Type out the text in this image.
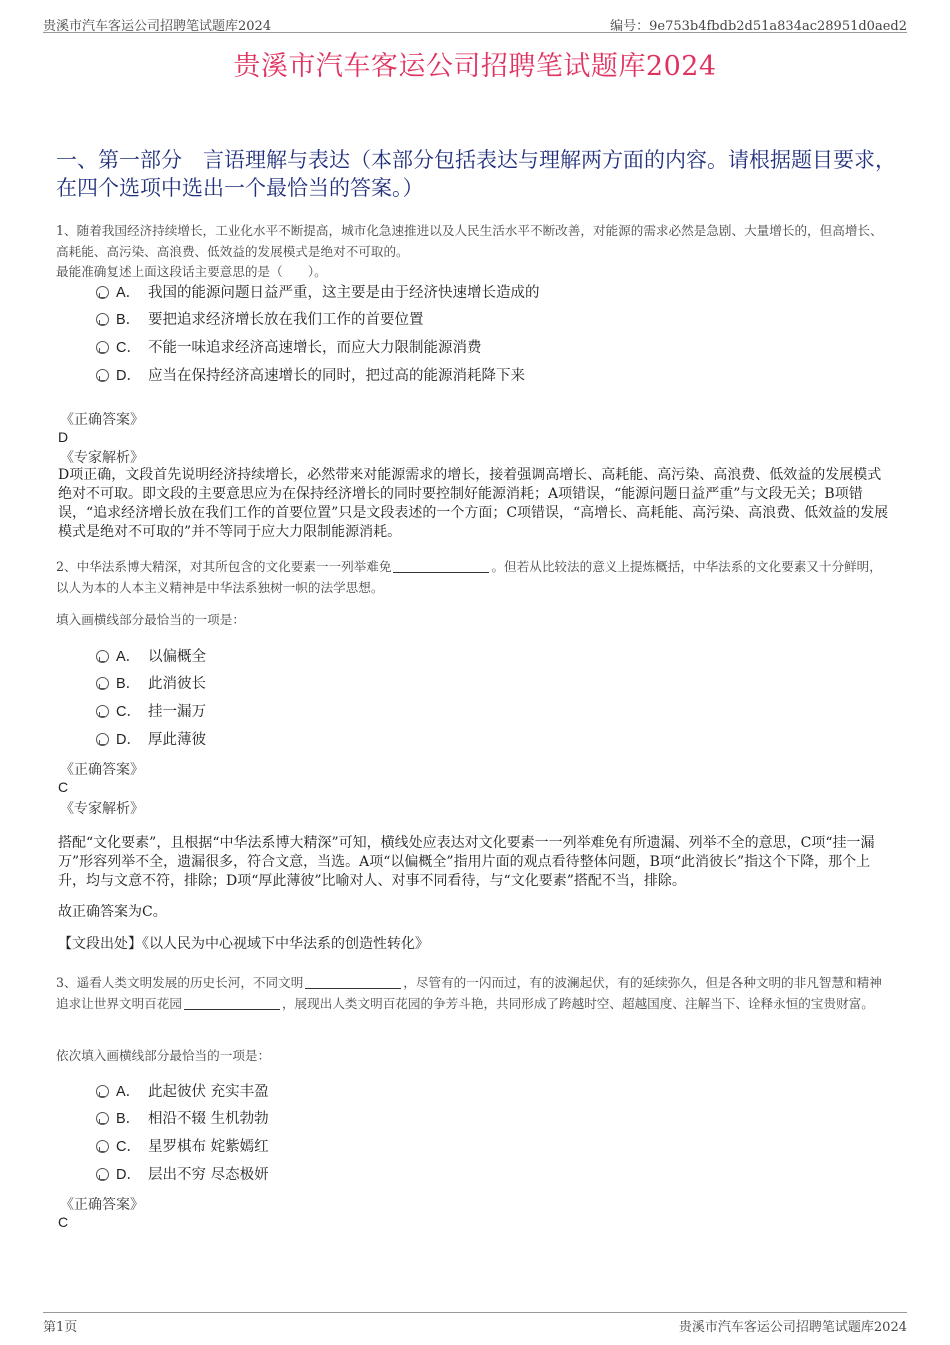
贵溪市汽车客运公司招聘笔试题库2024	编号：9e753b4fbdb2d51a834ac28951d0aed2
贵溪市汽车客运公司招聘笔试题库2024
一、第一部分　言语理解与表达（本部分包括表达与理解两方面的内容。请根据题目要求，在四个选项中选出一个最恰当的答案。）
1、随着我国经济持续增长，工业化水平不断提高，城市化急速推进以及人民生活水平不断改善，对能源的需求必然是急剧、大量增长的，但高增长、高耗能、高污染、高浪费、低效益的发展模式是绝对不可取的。
最能准确复述上面这段话主要意思的是（　　）。
A． 我国的能源问题日益严重，这主要是由于经济快速增长造成的
B． 要把追求经济增长放在我们工作的首要位置
C． 不能一味追求经济高速增长，而应大力限制能源消费
D． 应当在保持经济高速增长的同时，把过高的能源消耗降下来
《正确答案》
D
《专家解析》
D项正确，文段首先说明经济持续增长，必然带来对能源需求的增长，接着强调高增长、高耗能、高污染、高浪费、低效益的发展模式绝对不可取。即文段的主要意思应为在保持经济增长的同时要控制好能源消耗；A项错误，“能源问题日益严重”与文段无关；B项错误，“追求经济增长放在我们工作的首要位置”只是文段表述的一个方面；C项错误，“高增长、高耗能、高污染、高浪费、低效益的发展模式是绝对不可取的”并不等同于应大力限制能源消耗。
2、中华法系博大精深，对其所包含的文化要素一一列举难免	。但若从比较法的意义上提炼概括，中华法系的文化要素又十分鲜明，以人为本的人本主义精神是中华法系独树一帜的法学思想。
填入画横线部分最恰当的一项是：
A． 以偏概全
B． 此消彼长
C． 挂一漏万
D． 厚此薄彼
《正确答案》
C
《专家解析》
搭配“文化要素”，且根据“中华法系博大精深”可知，横线处应表达对文化要素一一列举难免有所遗漏、列举不全的意思，C项“挂一漏万”形容列举不全，遗漏很多，符合文意，当选。A项“以偏概全”指用片面的观点看待整体问题，B项“此消彼长”指这个下降，那个上升，均与文意不符，排除；D项“厚此薄彼”比喻对人、对事不同看待，与“文化要素”搭配不当，排除。
故正确答案为C。
【文段出处】《以人民为中心视域下中华法系的创造性转化》
3、遥看人类文明发展的历史长河，不同文明	，尽管有的一闪而过，有的波澜起伏，有的延续弥久，但是各种文明的非凡智慧和精神追求让世界文明百花园	，展现出人类文明百花园的争芳斗艳，共同形成了跨越时空、超越国度、注解当下、诠释永恒的宝贵财富。
依次填入画横线部分最恰当的一项是：
A． 此起彼伏 充实丰盈
B． 相沿不辍 生机勃勃
C． 星罗棋布 姹紫嫣红
D． 层出不穷 尽态极妍
《正确答案》
C
第1页	贵溪市汽车客运公司招聘笔试题库2024
